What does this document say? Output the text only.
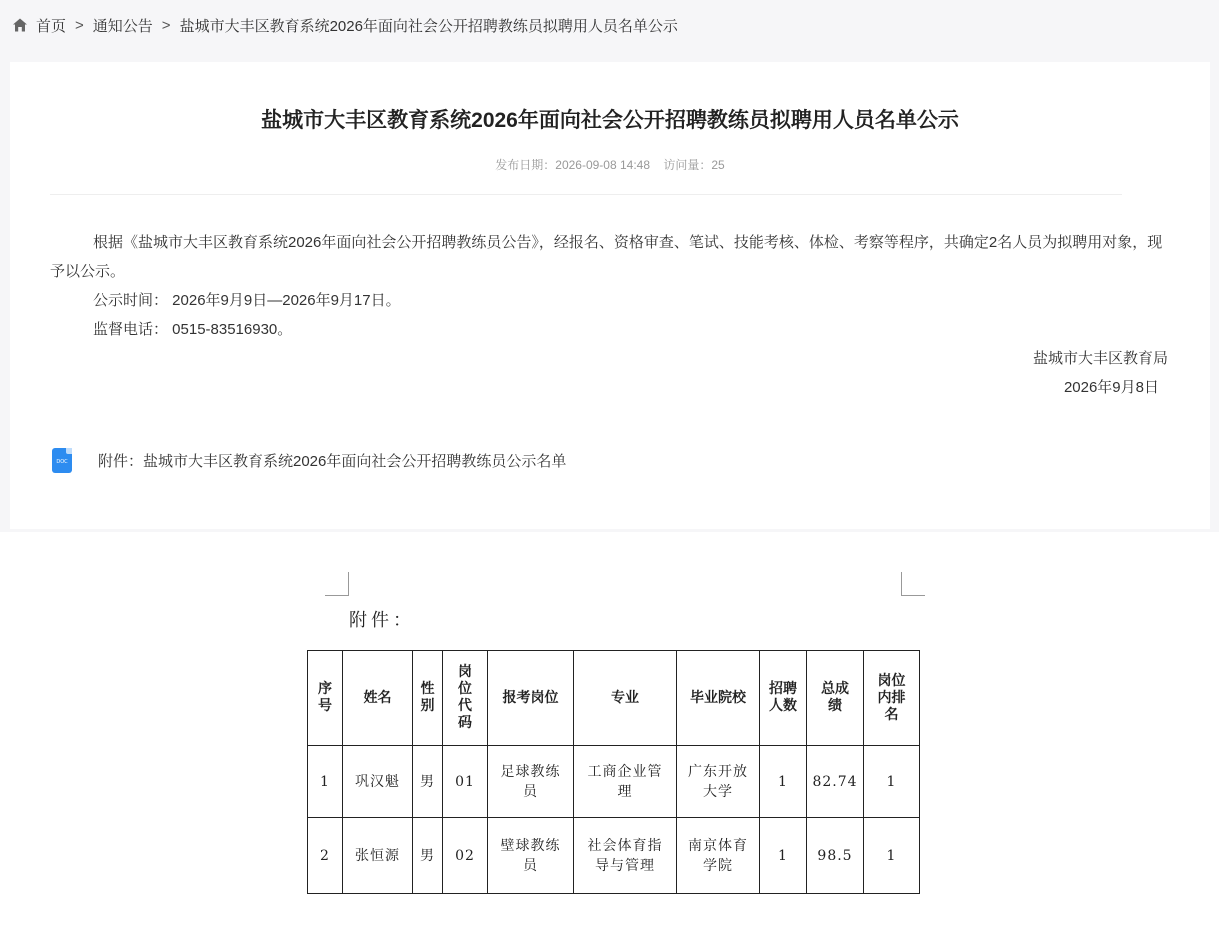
首页 > 通知公告 > 盐城市大丰区教育系统2026年面向社会公开招聘教练员拟聘用人员名单公示
盐城市大丰区教育系统2026年面向社会公开招聘教练员拟聘用人员名单公示
发布日期：2026-09-08 14:48 访问量：25

根据《盐城市大丰区教育系统2026年面向社会公开招聘教练员公告》，经报名、资格审查、笔试、技能考核、体检、考察等程序，共确定2名人员为拟聘用对象，现予以公示。

公示时间： 2026年9月9日—2026年9月17日。

监督电话： 0515-83516930。

盐城市大丰区教育局
2026年9月8日
DOC 附件：盐城市大丰区教育系统2026年面向社会公开招聘教练员公示名单
附件：
序号	姓名	性别	岗位代码	报考岗位	专业	毕业院校	招聘人数	总成绩	岗位内排名

1	巩汉魁	男	01	足球教练员	工商企业管理	广东开放大学	1	82.74	1
2	张恒源	男	02	壁球教练员	社会体育指导与管理	南京体育学院	1	98.5	1
